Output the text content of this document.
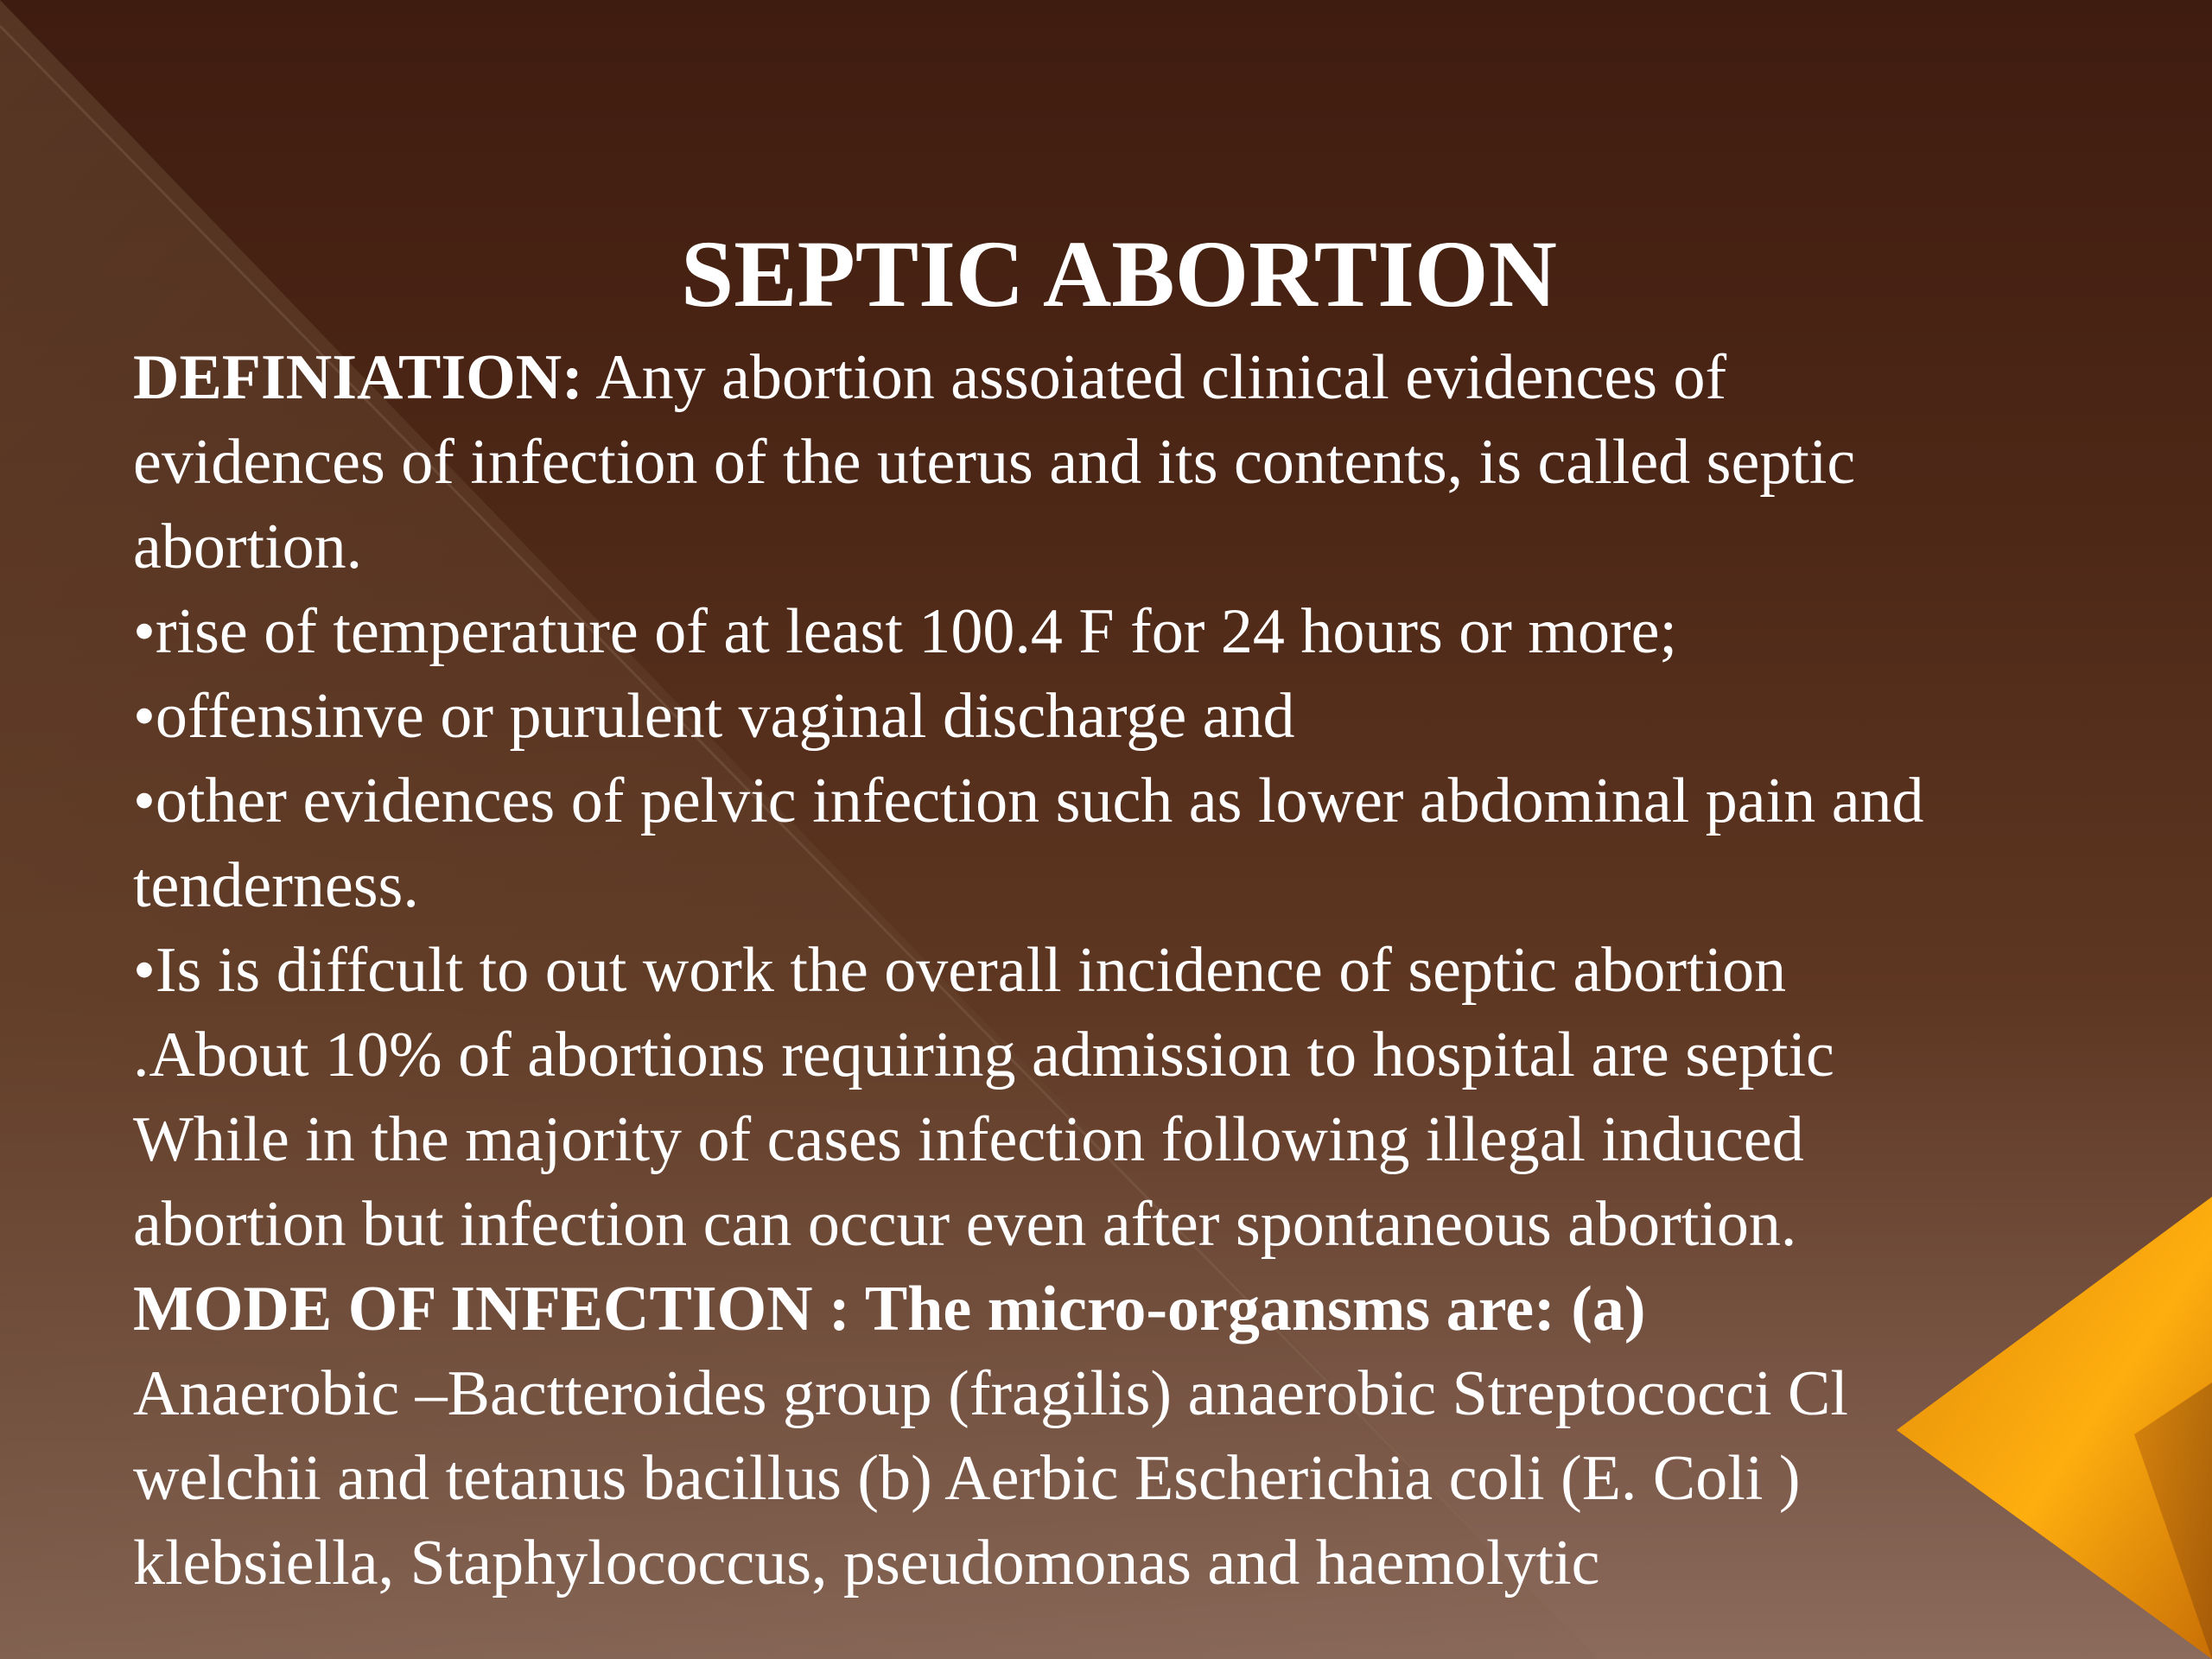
SEPTIC ABORTION

DEFINIATION: Any abortion assoiated clinical evidences of

evidences of infection of the uterus and its contents, is called septic

abortion.

•rise of temperature of at least 100.4 F for 24 hours or more;

•offensinve or purulent vaginal discharge and

•other evidences of pelvic infection such as lower abdominal pain and

tenderness.

•Is is diffcult to out work the overall incidence of septic abortion

.About 10% of abortions requiring admission to hospital are septic

While in the majority of cases infection following illegal induced

abortion but infection can occur even after spontaneous abortion.

MODE OF INFECTION : The micro-organsms are: (a)

Anaerobic –Bactteroides group (fragilis) anaerobic Streptococci Cl

welchii and tetanus bacillus (b) Aerbic Escherichia coli (E. Coli )

klebsiella, Staphylococcus, pseudomonas and haemolytic
